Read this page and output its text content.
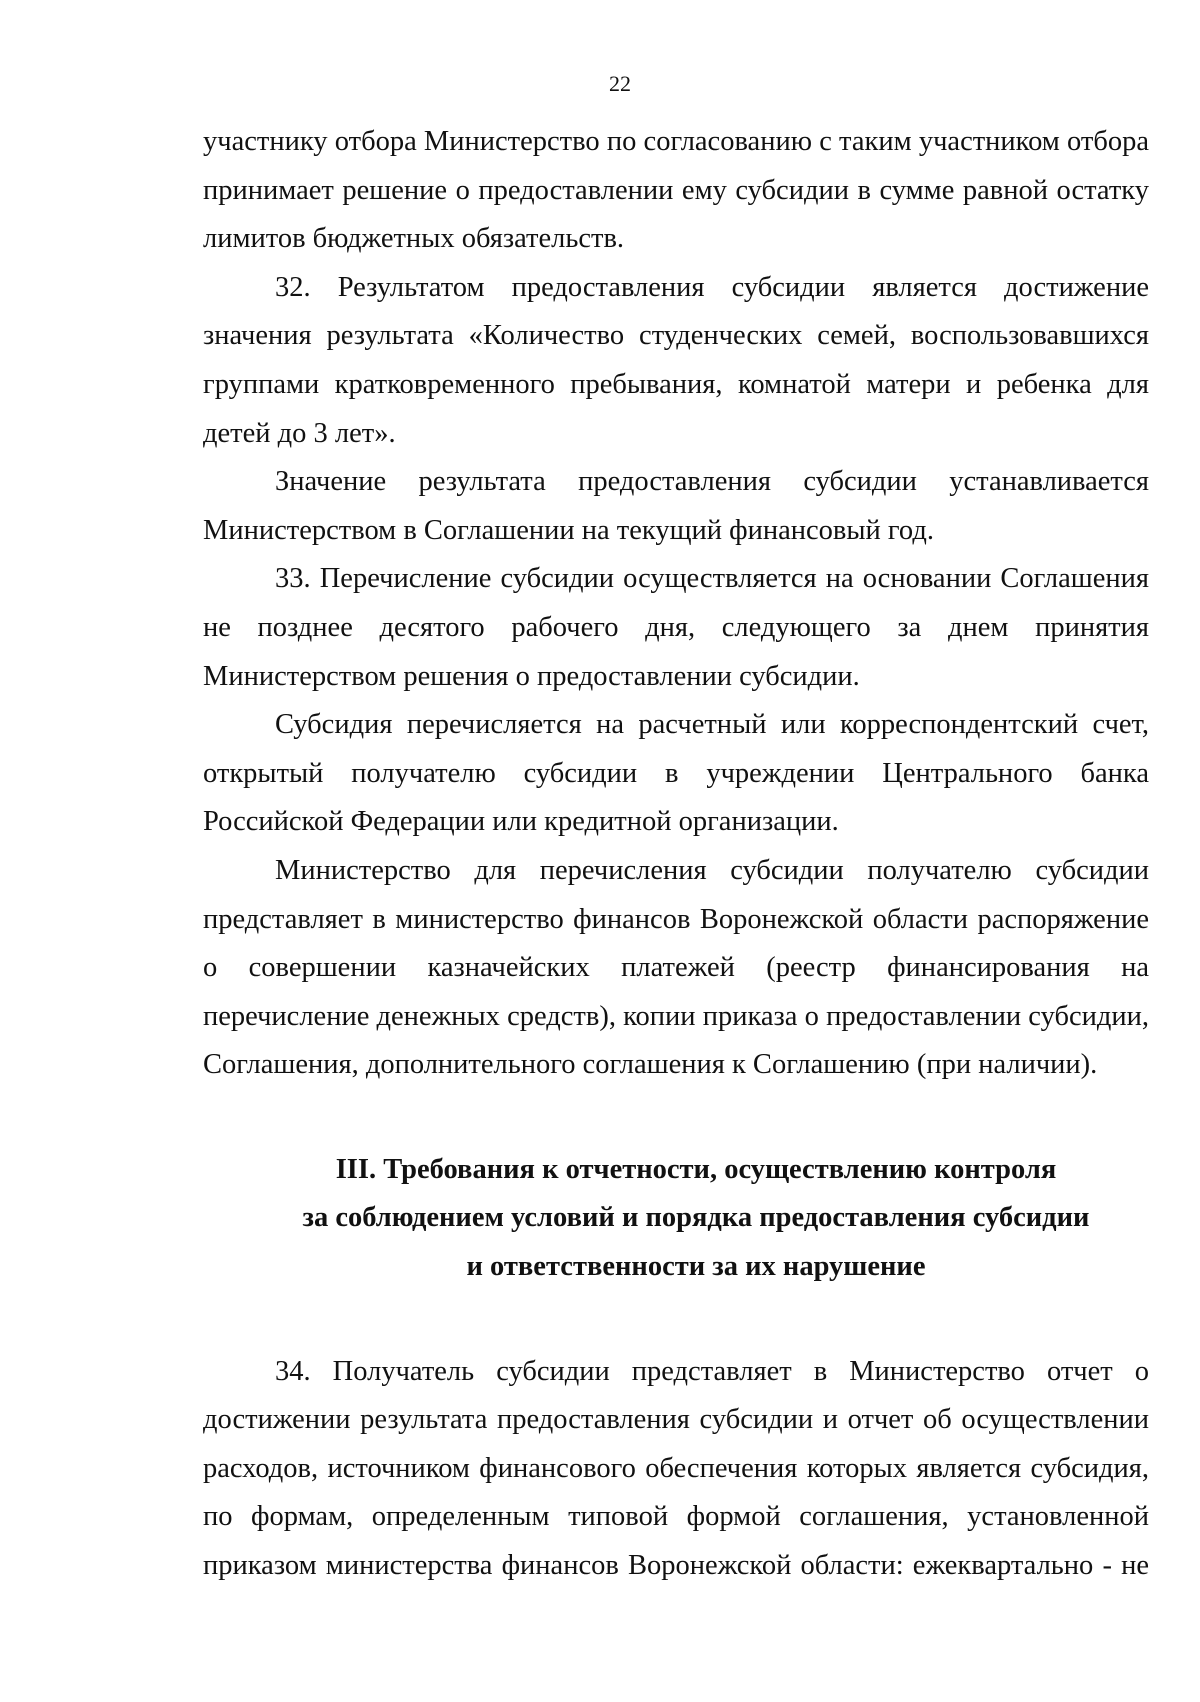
22

участнику отбора Министерство по согласованию с таким участником отбора принимает решение о предоставлении ему субсидии в сумме равной остатку лимитов бюджетных обязательств.

32. Результатом предоставления субсидии является достижение значения результата «Количество студенческих семей, воспользовавшихся группами кратковременного пребывания, комнатой матери и ребенка для детей до 3 лет».

Значение результата предоставления субсидии устанавливается Министерством в Соглашении на текущий финансовый год.

33. Перечисление субсидии осуществляется на основании Соглашения не позднее десятого рабочего дня, следующего за днем принятия Министерством решения о предоставлении субсидии.

Субсидия перечисляется на расчетный или корреспондентский счет, открытый получателю субсидии в учреждении Центрального банка Российской Федерации или кредитной организации.

Министерство для перечисления субсидии получателю субсидии представляет в министерство финансов Воронежской области распоряжение о совершении казначейских платежей (реестр финансирования на перечисление денежных средств), копии приказа о предоставлении субсидии, Соглашения, дополнительного соглашения к Соглашению (при наличии).

III. Требования к отчетности, осуществлению контроля
за соблюдением условий и порядка предоставления субсидии
и ответственности за их нарушение

34. Получатель субсидии представляет в Министерство отчет о достижении результата предоставления субсидии и отчет об осуществлении расходов, источником финансового обеспечения которых является субсидия, по формам, определенным типовой формой соглашения, установленной приказом министерства финансов Воронежской области: ежеквартально - не
